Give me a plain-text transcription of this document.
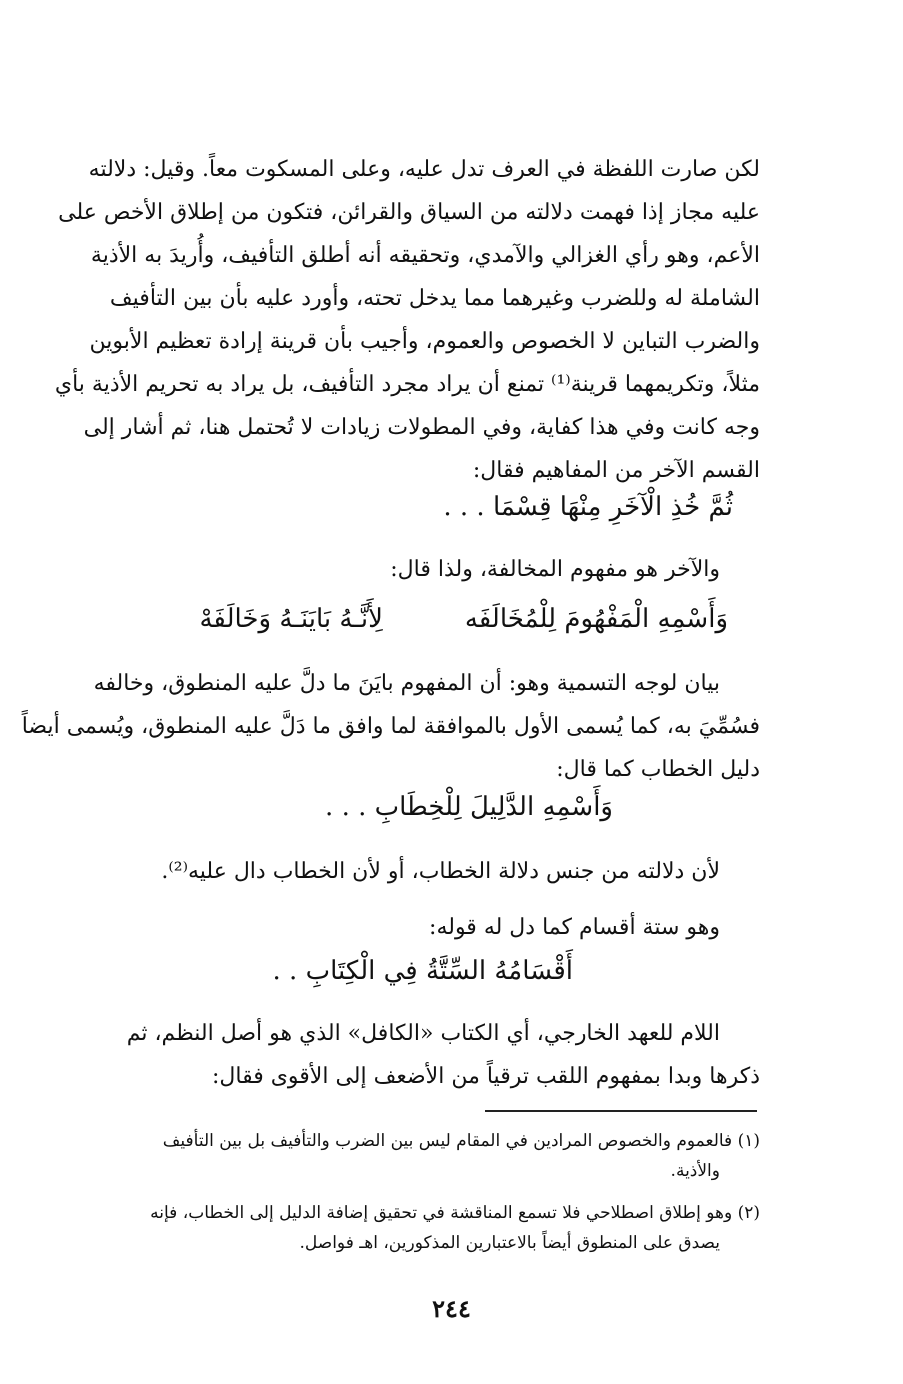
لكن صارت اللفظة في العرف تدل عليه، وعلى المسكوت معاً. وقيل: دلالته
عليه مجاز إذا فهمت دلالته من السياق والقرائن، فتكون من إطلاق الأخص على
الأعم، وهو رأي الغزالي والآمدي، وتحقيقه أنه أطلق التأفيف، وأُريدَ به الأذية
الشاملة له وللضرب وغيرهما مما يدخل تحته، وأورد عليه بأن بين التأفيف
والضرب التباين لا الخصوص والعموم، وأجيب بأن قرينة إرادة تعظيم الأبوين
مثلاً، وتكريمهما قرينة⁽¹⁾ تمنع أن يراد مجرد التأفيف، بل يراد به تحريم الأذية بأي
وجه كانت وفي هذا كفاية، وفي المطولات زيادات لا تُحتمل هنا، ثم أشار إلى
القسم الآخر من المفاهيم فقال:
ثُمَّ خُذِ الْآخَرِ مِنْهَا قِسْمَا . . .
والآخر هو مفهوم المخالفة، ولذا قال:
وَأَسْمِهِ الْمَفْهُومَ لِلْمُخَالَفَه
لِأَنَّـهُ بَايَنَـهُ وَخَالَفَهْ
بيان لوجه التسمية وهو: أن المفهوم بايَنَ ما دلَّ عليه المنطوق، وخالفه
فسُمِّيَ به، كما يُسمى الأول بالموافقة لما وافق ما دَلَّ عليه المنطوق، ويُسمى أيضاً
دليل الخطاب كما قال:
وَأَسْمِهِ الدَّلِيلَ لِلْخِطَابِ . . .
لأن دلالته من جنس دلالة الخطاب، أو لأن الخطاب دال عليه⁽²⁾.
وهو ستة أقسام كما دل له قوله:
أَقْسَامُهُ السِّتَّةُ فِي الْكِتَابِ . .
اللام للعهد الخارجي، أي الكتاب «الكافل» الذي هو أصل النظم، ثم
ذكرها وبدا بمفهوم اللقب ترقياً من الأضعف إلى الأقوى فقال:
(١) فالعموم والخصوص المرادين في المقام ليس بين الضرب والتأفيف بل بين التأفيف
والأذية.
(٢) وهو إطلاق اصطلاحي فلا تسمع المناقشة في تحقيق إضافة الدليل إلى الخطاب، فإنه
يصدق على المنطوق أيضاً بالاعتبارين المذكورين، اهـ فواصل.
٢٤٤
